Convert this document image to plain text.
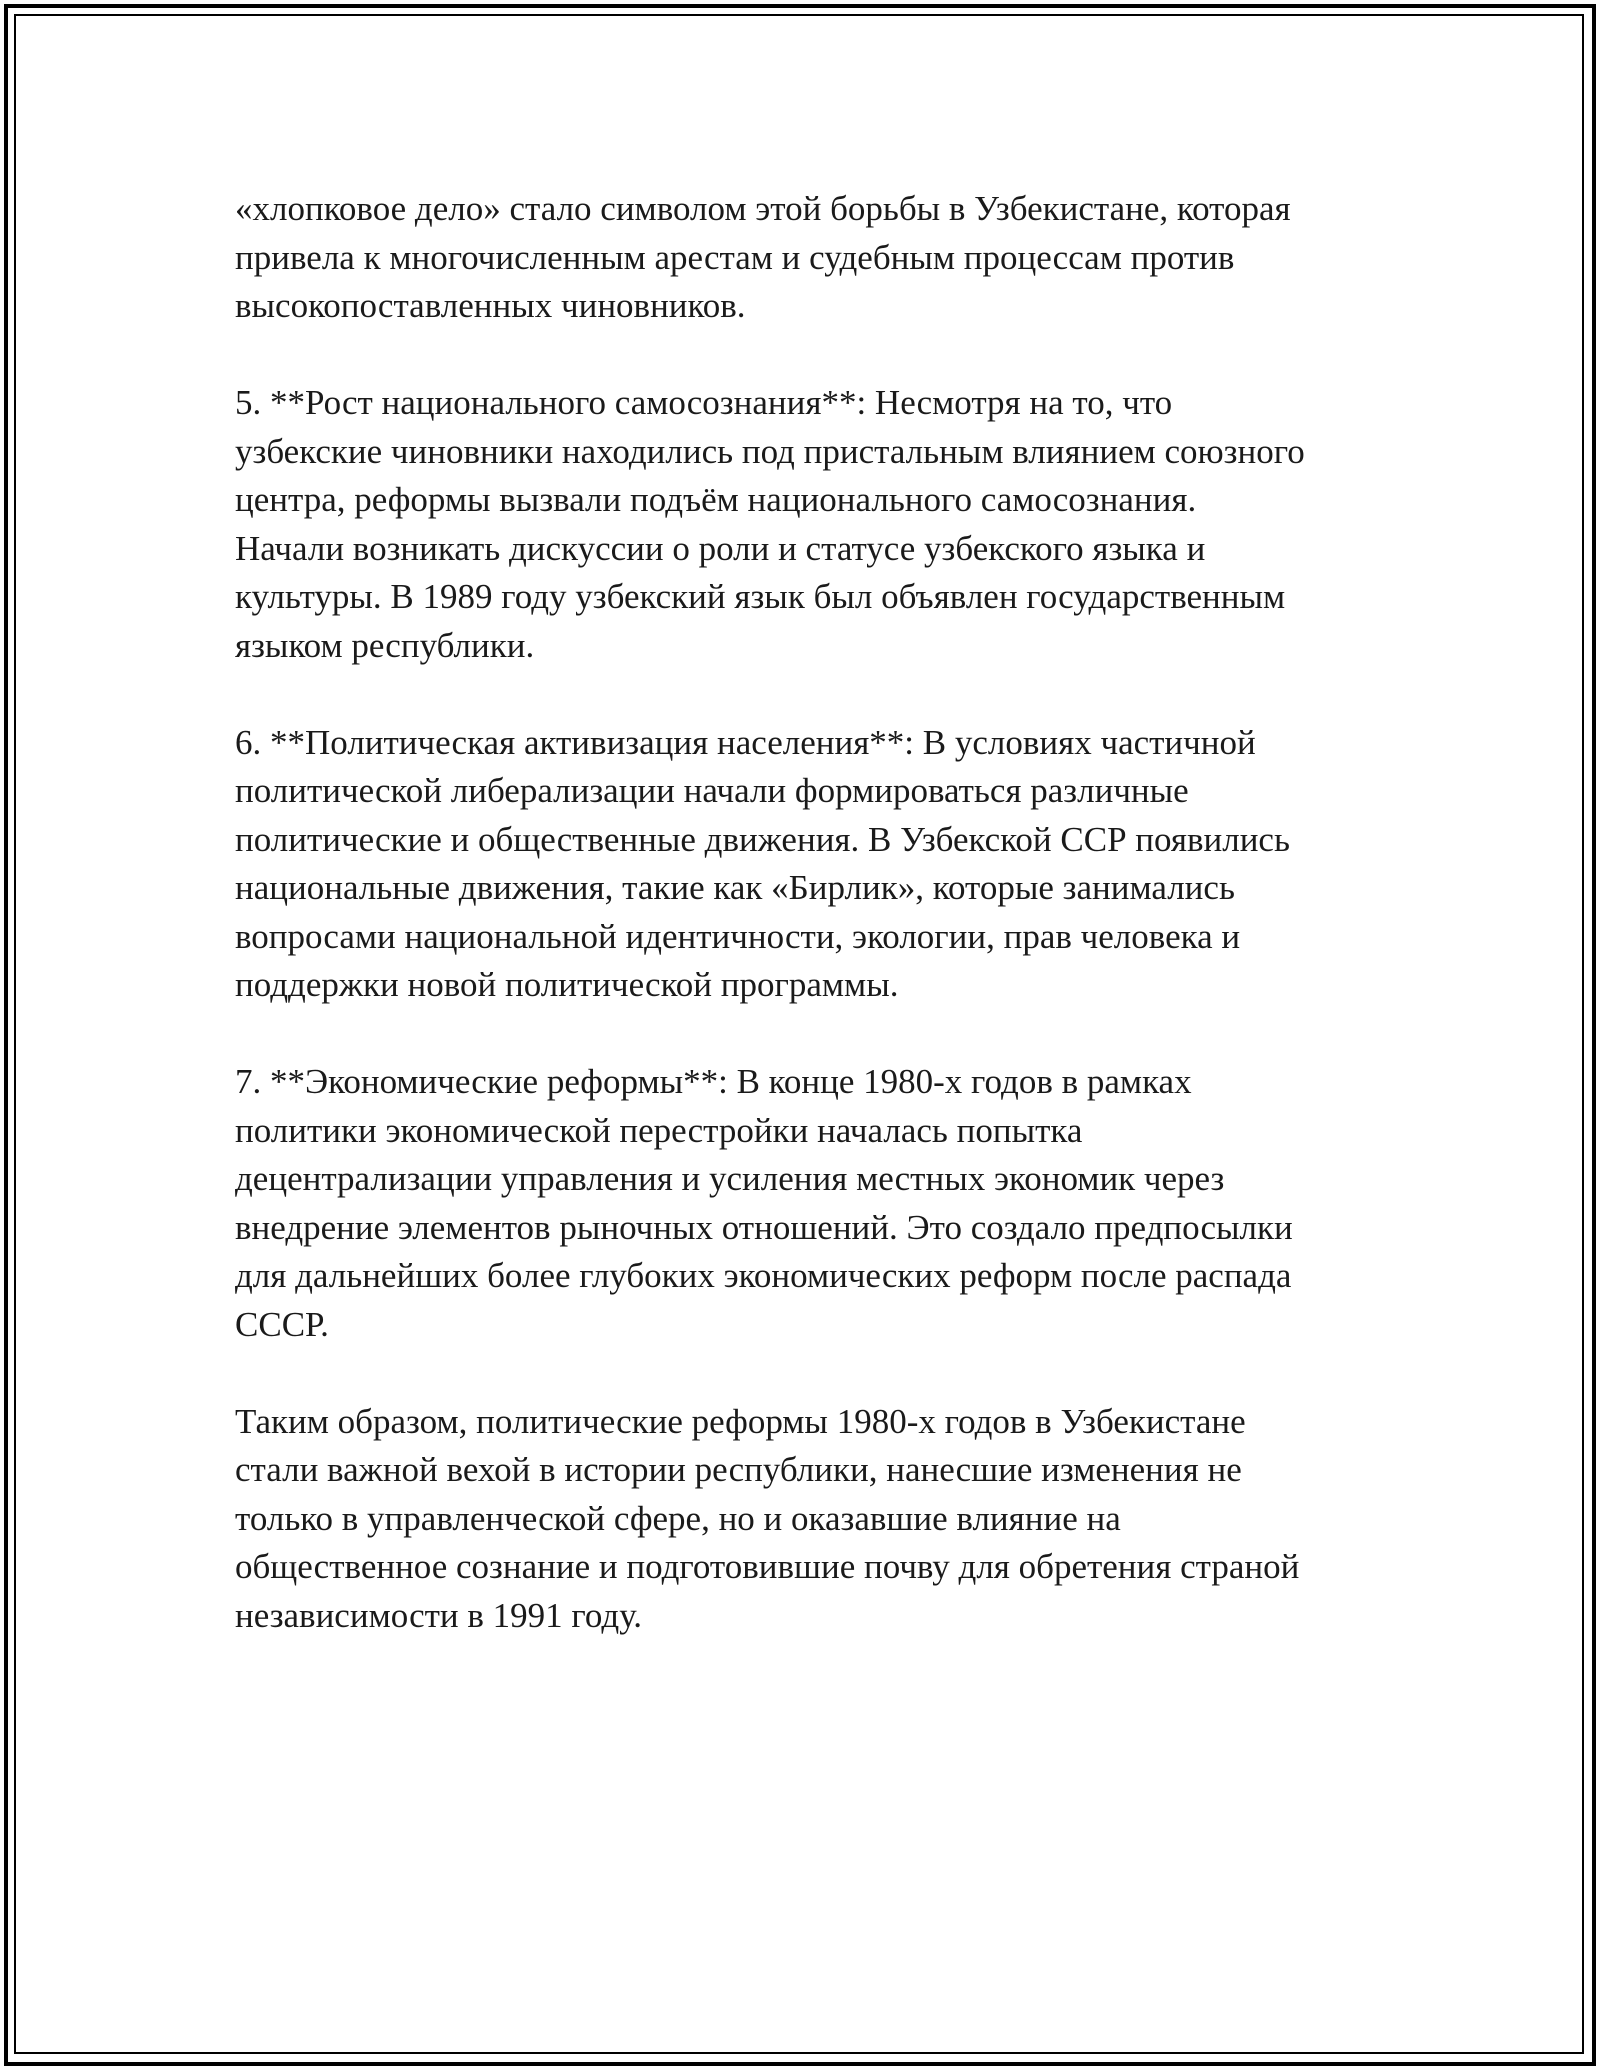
«хлопковое дело» стало символом этой борьбы в Узбекистане, которая
привела к многочисленным арестам и судебным процессам против
высокопоставленных чиновников.

5. **Рост национального самосознания**: Несмотря на то, что
узбекские чиновники находились под пристальным влиянием союзного
центра, реформы вызвали подъём национального самосознания.
Начали возникать дискуссии о роли и статусе узбекского языка и
культуры. В 1989 году узбекский язык был объявлен государственным
языком республики.

6. **Политическая активизация населения**: В условиях частичной
политической либерализации начали формироваться различные
политические и общественные движения. В Узбекской ССР появились
национальные движения, такие как «Бирлик», которые занимались
вопросами национальной идентичности, экологии, прав человека и
поддержки новой политической программы.

7. **Экономические реформы**: В конце 1980-х годов в рамках
политики экономической перестройки началась попытка
децентрализации управления и усиления местных экономик через
внедрение элементов рыночных отношений. Это создало предпосылки
для дальнейших более глубоких экономических реформ после распада
СССР.

Таким образом, политические реформы 1980-х годов в Узбекистане
стали важной вехой в истории республики, нанесшие изменения не
только в управленческой сфере, но и оказавшие влияние на
общественное сознание и подготовившие почву для обретения страной
независимости в 1991 году.
